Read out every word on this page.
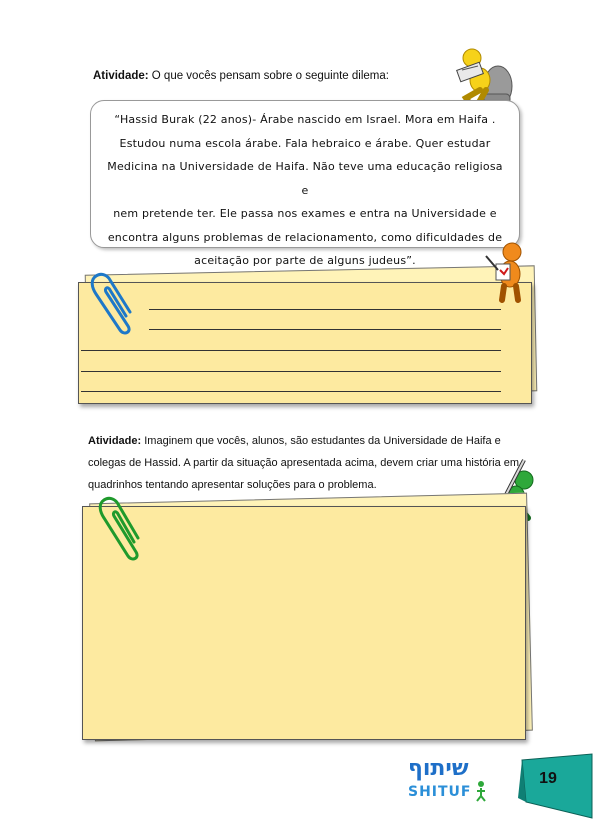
Atividade: O que vocês pensam sobre o seguinte dilema:
“Hassid Burak (22 anos)- Árabe nascido em Israel. Mora em Haifa .
Estudou numa escola árabe. Fala hebraico e árabe. Quer estudar
Medicina na Universidade de Haifa. Não teve uma educação religiosa e
nem pretende ter. Ele passa nos exames e entra na Universidade e
encontra alguns problemas de relacionamento, como dificuldades de
aceitação por parte de alguns judeus”.
Atividade: Imaginem que vocês, alunos, são estudantes da Universidade de Haifa e colegas de Hassid. A partir da situação apresentada acima, devem criar uma história em quadrinhos tentando apresentar soluções para o problema.
שיתוף
SHITUF
19
